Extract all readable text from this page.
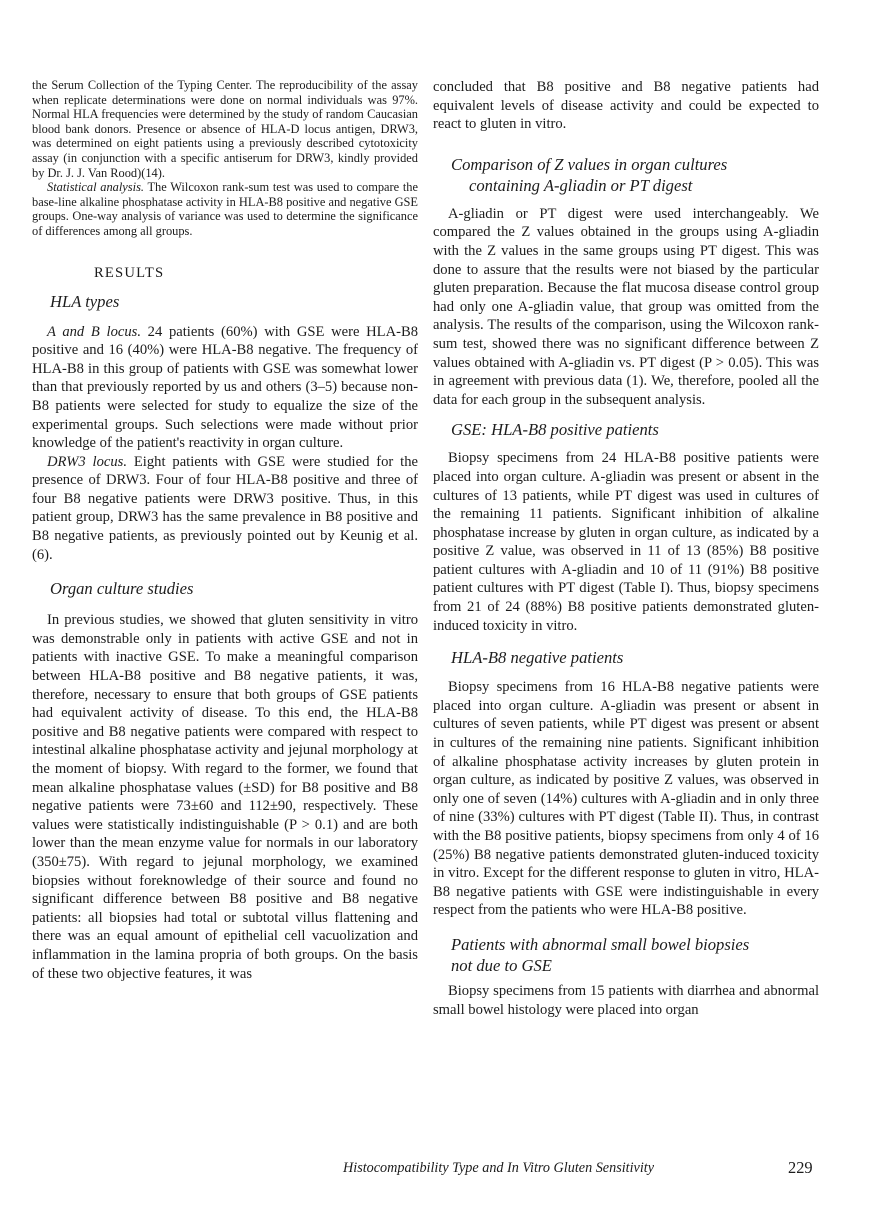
the Serum Collection of the Typing Center. The reproducibility of the assay when replicate determinations were done on normal individuals was 97%. Normal HLA frequencies were determined by the study of random Caucasian blood bank donors. Presence or absence of HLA-D locus antigen, DRW3, was determined on eight patients using a previously described cytotoxicity assay (in conjunction with a specific antiserum for DRW3, kindly provided by Dr. J. J. Van Rood)(14).

Statistical analysis. The Wilcoxon rank-sum test was used to compare the base-line alkaline phosphatase activity in HLA-B8 positive and negative GSE groups. One-way analysis of variance was used to determine the significance of differences among all groups.

RESULTS
HLA types

A and B locus. 24 patients (60%) with GSE were HLA-B8 positive and 16 (40%) were HLA-B8 negative. The frequency of HLA-B8 in this group of patients with GSE was somewhat lower than that previously reported by us and others (3–5) because non-B8 patients were selected for study to equalize the size of the experimental groups. Such selections were made without prior knowledge of the patient's reactivity in organ culture.

DRW3 locus. Eight patients with GSE were studied for the presence of DRW3. Four of four HLA-B8 positive and three of four B8 negative patients were DRW3 positive. Thus, in this patient group, DRW3 has the same prevalence in B8 positive and B8 negative patients, as previously pointed out by Keunig et al. (6).

Organ culture studies

In previous studies, we showed that gluten sensitivity in vitro was demonstrable only in patients with active GSE and not in patients with inactive GSE. To make a meaningful comparison between HLA-B8 positive and B8 negative patients, it was, therefore, necessary to ensure that both groups of GSE patients had equivalent activity of disease. To this end, the HLA-B8 positive and B8 negative patients were compared with respect to intestinal alkaline phosphatase activity and jejunal morphology at the moment of biopsy. With regard to the former, we found that mean alkaline phosphatase values (±SD) for B8 positive and B8 negative patients were 73±60 and 112±90, respectively. These values were statistically indistinguishable (P > 0.1) and are both lower than the mean enzyme value for normals in our laboratory (350±75). With regard to jejunal morphology, we examined biopsies without foreknowledge of their source and found no significant difference between B8 positive and B8 negative patients: all biopsies had total or subtotal villus flattening and there was an equal amount of epithelial cell vacuolization and inflammation in the lamina propria of both groups. On the basis of these two objective features, it was

concluded that B8 positive and B8 negative patients had equivalent levels of disease activity and could be expected to react to gluten in vitro.

Comparison of Z values in organ cultures
containing A-gliadin or PT digest

A-gliadin or PT digest were used interchangeably. We compared the Z values obtained in the groups using A-gliadin with the Z values in the same groups using PT digest. This was done to assure that the results were not biased by the particular gluten preparation. Because the flat mucosa disease control group had only one A-gliadin value, that group was omitted from the analysis. The results of the comparison, using the Wilcoxon rank-sum test, showed there was no significant difference between Z values obtained with A-gliadin vs. PT digest (P > 0.05). This was in agreement with previous data (1). We, therefore, pooled all the data for each group in the subsequent analysis.

GSE: HLA-B8 positive patients

Biopsy specimens from 24 HLA-B8 positive patients were placed into organ culture. A-gliadin was present or absent in the cultures of 13 patients, while PT digest was used in cultures of the remaining 11 patients. Significant inhibition of alkaline phosphatase increase by gluten in organ culture, as indicated by a positive Z value, was observed in 11 of 13 (85%) B8 positive patient cultures with A-gliadin and 10 of 11 (91%) B8 positive patient cultures with PT digest (Table I). Thus, biopsy specimens from 21 of 24 (88%) B8 positive patients demonstrated gluten-induced toxicity in vitro.

HLA-B8 negative patients

Biopsy specimens from 16 HLA-B8 negative patients were placed into organ culture. A-gliadin was present or absent in cultures of seven patients, while PT digest was present or absent in cultures of the remaining nine patients. Significant inhibition of alkaline phosphatase activity increases by gluten protein in organ culture, as indicated by positive Z values, was observed in only one of seven (14%) cultures with A-gliadin and in only three of nine (33%) cultures with PT digest (Table II). Thus, in contrast with the B8 positive patients, biopsy specimens from only 4 of 16 (25%) B8 negative patients demonstrated gluten-induced toxicity in vitro. Except for the different response to gluten in vitro, HLA-B8 negative patients with GSE were indistinguishable in every respect from the patients who were HLA-B8 positive.

Patients with abnormal small bowel biopsies
not due to GSE

Biopsy specimens from 15 patients with diarrhea and abnormal small bowel histology were placed into organ

Histocompatibility Type and In Vitro Gluten Sensitivity	229
